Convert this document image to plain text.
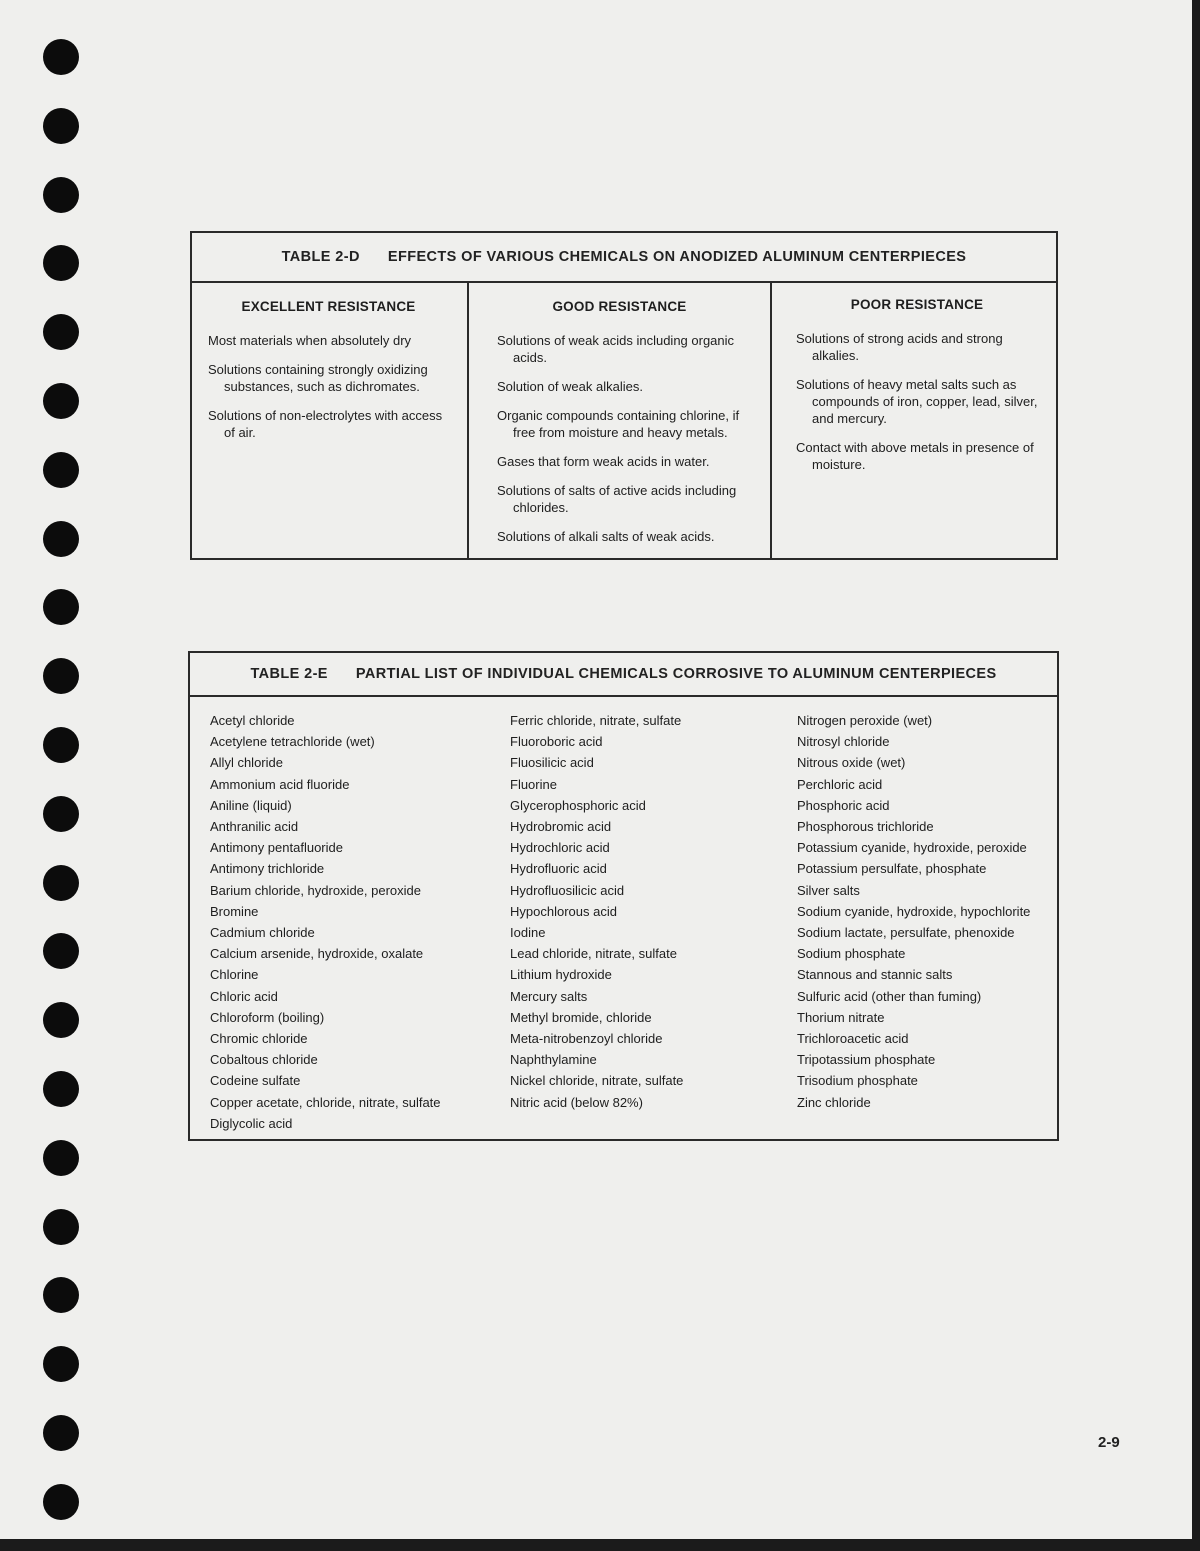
TABLE 2-D EFFECTS OF VARIOUS CHEMICALS ON ANODIZED ALUMINUM CENTERPIECES
EXCELLENT RESISTANCE
Most materials when absolutely dry
Solutions containing strongly oxidizing substances, such as dichromates.
Solutions of non-electrolytes with access of air.
GOOD RESISTANCE
Solutions of weak acids including organic acids.
Solution of weak alkalies.
Organic compounds containing chlorine, if free from moisture and heavy metals.
Gases that form weak acids in water.
Solutions of salts of active acids including chlorides.
Solutions of alkali salts of weak acids.
POOR RESISTANCE
Solutions of strong acids and strong alkalies.
Solutions of heavy metal salts such as compounds of iron, copper, lead, silver, and mercury.
Contact with above metals in presence of moisture.
TABLE 2-E PARTIAL LIST OF INDIVIDUAL CHEMICALS CORROSIVE TO ALUMINUM CENTERPIECES
Acetyl chloride
Acetylene tetrachloride (wet)
Allyl chloride
Ammonium acid fluoride
Aniline (liquid)
Anthranilic acid
Antimony pentafluoride
Antimony trichloride
Barium chloride, hydroxide, peroxide
Bromine
Cadmium chloride
Calcium arsenide, hydroxide, oxalate
Chlorine
Chloric acid
Chloroform (boiling)
Chromic chloride
Cobaltous chloride
Codeine sulfate
Copper acetate, chloride, nitrate, sulfate
Diglycolic acid
Ferric chloride, nitrate, sulfate
Fluoroboric acid
Fluosilicic acid
Fluorine
Glycerophosphoric acid
Hydrobromic acid
Hydrochloric acid
Hydrofluoric acid
Hydrofluosilicic acid
Hypochlorous acid
Iodine
Lead chloride, nitrate, sulfate
Lithium hydroxide
Mercury salts
Methyl bromide, chloride
Meta-nitrobenzoyl chloride
Naphthylamine
Nickel chloride, nitrate, sulfate
Nitric acid (below 82%)
Nitrogen peroxide (wet)
Nitrosyl chloride
Nitrous oxide (wet)
Perchloric acid
Phosphoric acid
Phosphorous trichloride
Potassium cyanide, hydroxide, peroxide
Potassium persulfate, phosphate
Silver salts
Sodium cyanide, hydroxide, hypochlorite
Sodium lactate, persulfate, phenoxide
Sodium phosphate
Stannous and stannic salts
Sulfuric acid (other than fuming)
Thorium nitrate
Trichloroacetic acid
Tripotassium phosphate
Trisodium phosphate
Zinc chloride
2-9
